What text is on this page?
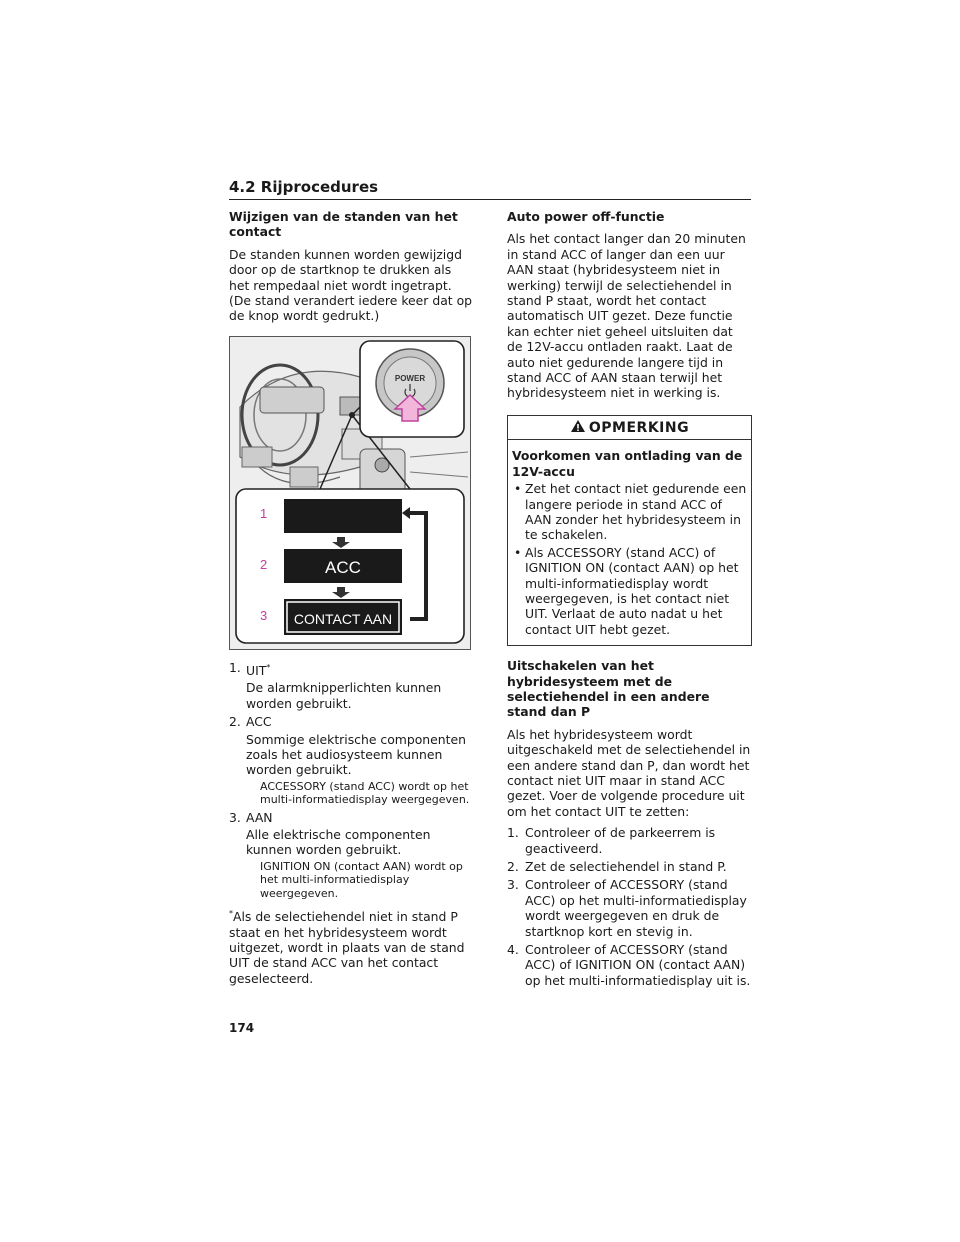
4.2 Rijprocedures
Wijzigen van de standen van het contact

De standen kunnen worden gewijzigd door op de startknop te drukken als het rempedaal niet wordt ingetrapt. (De stand verandert iedere keer dat op de knop wordt gedrukt.)

POWER
1
2
3
ACC
CONTACT AAN
1. UIT*
De alarmknipperlichten kunnen worden gebruikt.
2. ACC
Sommige elektrische componenten zoals het audiosysteem kunnen worden gebruikt.
ACCESSORY (stand ACC) wordt op het multi-informatiedisplay weergegeven.
3. AAN
Alle elektrische componenten kunnen worden gebruikt.
IGNITION ON (contact AAN) wordt op het multi-informatiedisplay weergegeven.

*Als de selectiehendel niet in stand P staat en het hybridesysteem wordt uitgezet, wordt in plaats van de stand UIT de stand ACC van het contact geselecteerd.

Auto power off-functie

Als het contact langer dan 20 minuten in stand ACC of langer dan een uur AAN staat (hybridesysteem niet in werking) terwijl de selectiehendel in stand P staat, wordt het contact automatisch UIT gezet. Deze functie kan echter niet geheel uitsluiten dat de 12V-accu ontladen raakt. Laat de auto niet gedurende langere tijd in stand ACC of AAN staan terwijl het hybridesysteem niet in werking is.

OPMERKING
Voorkomen van ontlading van de 12V-accu
• Zet het contact niet gedurende een langere periode in stand ACC of AAN zonder het hybridesysteem in te schakelen.
• Als ACCESSORY (stand ACC) of IGNITION ON (contact AAN) op het multi-informatiedisplay wordt weergegeven, is het contact niet UIT. Verlaat de auto nadat u het contact UIT hebt gezet.
Uitschakelen van het hybridesysteem met de selectiehendel in een andere stand dan P

Als het hybridesysteem wordt uitgeschakeld met de selectiehendel in een andere stand dan P, dan wordt het contact niet UIT maar in stand ACC gezet. Voer de volgende procedure uit om het contact UIT te zetten:

1. Controleer of de parkeerrem is geactiveerd.
2. Zet de selectiehendel in stand P.
3. Controleer of ACCESSORY (stand ACC) op het multi-informatiedisplay wordt weergegeven en druk de startknop kort en stevig in.
4. Controleer of ACCESSORY (stand ACC) of IGNITION ON (contact AAN) op het multi-informatiedisplay uit is.
174
